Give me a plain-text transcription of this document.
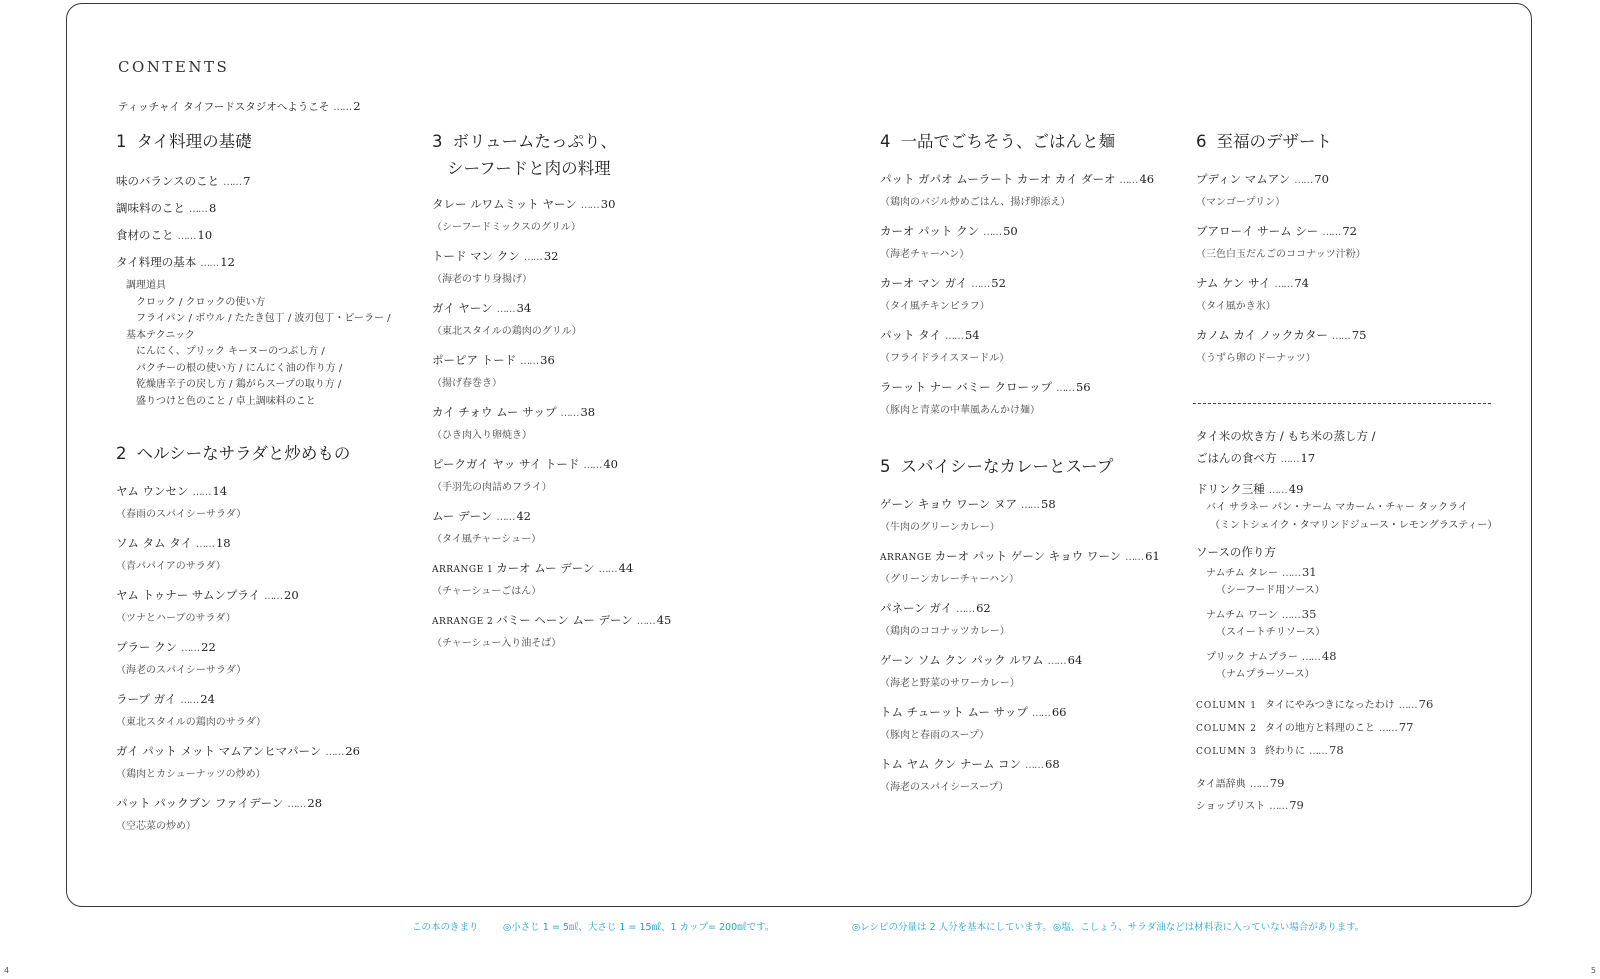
CONTENTS
ティッチャイ タイフードスタジオへようこそ …… 2
1 タイ料理の基礎
味のバランスのこと …… 7
調味料のこと …… 8
食材のこと …… 10
タイ料理の基本 …… 12
調理道具
クロック / クロックの使い方
フライパン / ボウル / たたき包丁 / 波刃包丁・ピーラー /
基本テクニック
にんにく、プリック キーヌーのつぶし方 /
パクチーの根の使い方 / にんにく油の作り方 /
乾燥唐辛子の戻し方 / 鶏がらスープの取り方 /
盛りつけと色のこと / 卓上調味料のこと
2 ヘルシーなサラダと炒めもの
ヤム ウンセン …… 14
（春雨のスパイシーサラダ）
ソム タム タイ …… 18
（青パパイアのサラダ）
ヤム トゥナー サムンプライ …… 20
（ツナとハーブのサラダ）
プラー クン …… 22
（海老のスパイシーサラダ）
ラープ ガイ …… 24
（東北スタイルの鶏肉のサラダ）
ガイ パット メット マムアンヒマパーン …… 26
（鶏肉とカシューナッツの炒め）
パット パックブン ファイデーン …… 28
（空芯菜の炒め）
3 ボリュームたっぷり、
シーフードと肉の料理
タレー ルワムミット ヤーン …… 30
（シーフードミックスのグリル）
トード マン クン …… 32
（海老のすり身揚げ）
ガイ ヤーン …… 34
（東北スタイルの鶏肉のグリル）
ポーピア トード …… 36
（揚げ春巻き）
カイ チォウ ムー サップ …… 38
（ひき肉入り卵焼き）
ピークガイ ヤッ サイ トード …… 40
（手羽先の肉詰めフライ）
ムー デーン …… 42
（タイ風チャーシュー）
ARRANGE 1 カーオ ムー デーン …… 44
（チャーシューごはん）
ARRANGE 2 バミー ヘーン ムー デーン …… 45
（チャーシュー入り油そば）
4 一品でごちそう、ごはんと麺
パット ガパオ ムーラート カーオ カイ ダーオ …… 46
（鶏肉のバジル炒めごはん、揚げ卵添え）
カーオ パット クン …… 50
（海老チャーハン）
カーオ マン ガイ …… 52
（タイ風チキンピラフ）
パット タイ …… 54
（フライドライスヌードル）
ラーット ナー バミー クローップ …… 56
（豚肉と青菜の中華風あんかけ麺）
5 スパイシーなカレーとスープ
ゲーン キョウ ワーン ヌア …… 58
（牛肉のグリーンカレー）
ARRANGE カーオ パット ゲーン キョウ ワーン …… 61
（グリーンカレーチャーハン）
パネーン ガイ …… 62
（鶏肉のココナッツカレー）
ゲーン ソム クン パック ルワム …… 64
（海老と野菜のサワーカレー）
トム チューット ムー サップ …… 66
（豚肉と春雨のスープ）
トム ヤム クン ナーム コン …… 68
（海老のスパイシースープ）
6 至福のデザート
プディン マムアン …… 70
（マンゴープリン）
ブアローイ サーム シー …… 72
（三色白玉だんごのココナッツ汁粉）
ナム ケン サイ …… 74
（タイ風かき氷）
カノム カイ ノックカター …… 75
（うずら卵のドーナッツ）
タイ米の炊き方 / もち米の蒸し方 /
ごはんの食べ方 …… 17
ドリンク三種 …… 49
バイ サラネー パン・ナーム マカーム・チャー タックライ
（ミントシェイク・タマリンドジュース・レモングラスティー）
ソースの作り方
ナムチム タレー …… 31
（シーフード用ソース）
ナムチム ワーン …… 35
（スイートチリソース）
プリック ナムプラー …… 48
（ナムプラーソース）
COLUMN 1 タイにやみつきになったわけ …… 76
COLUMN 2 タイの地方と料理のこと …… 77
COLUMN 3 終わりに …… 78
タイ語辞典 …… 79
ショップリスト …… 79
この本のきまり	◎小さじ 1 = 5㎖、大さじ 1 = 15㎖、1 カップ= 200㎖です。	◎レシピの分量は 2 人分を基本にしています。 ◎塩、こしょう、サラダ油などは材料表に入っていない場合があります。
4	5
